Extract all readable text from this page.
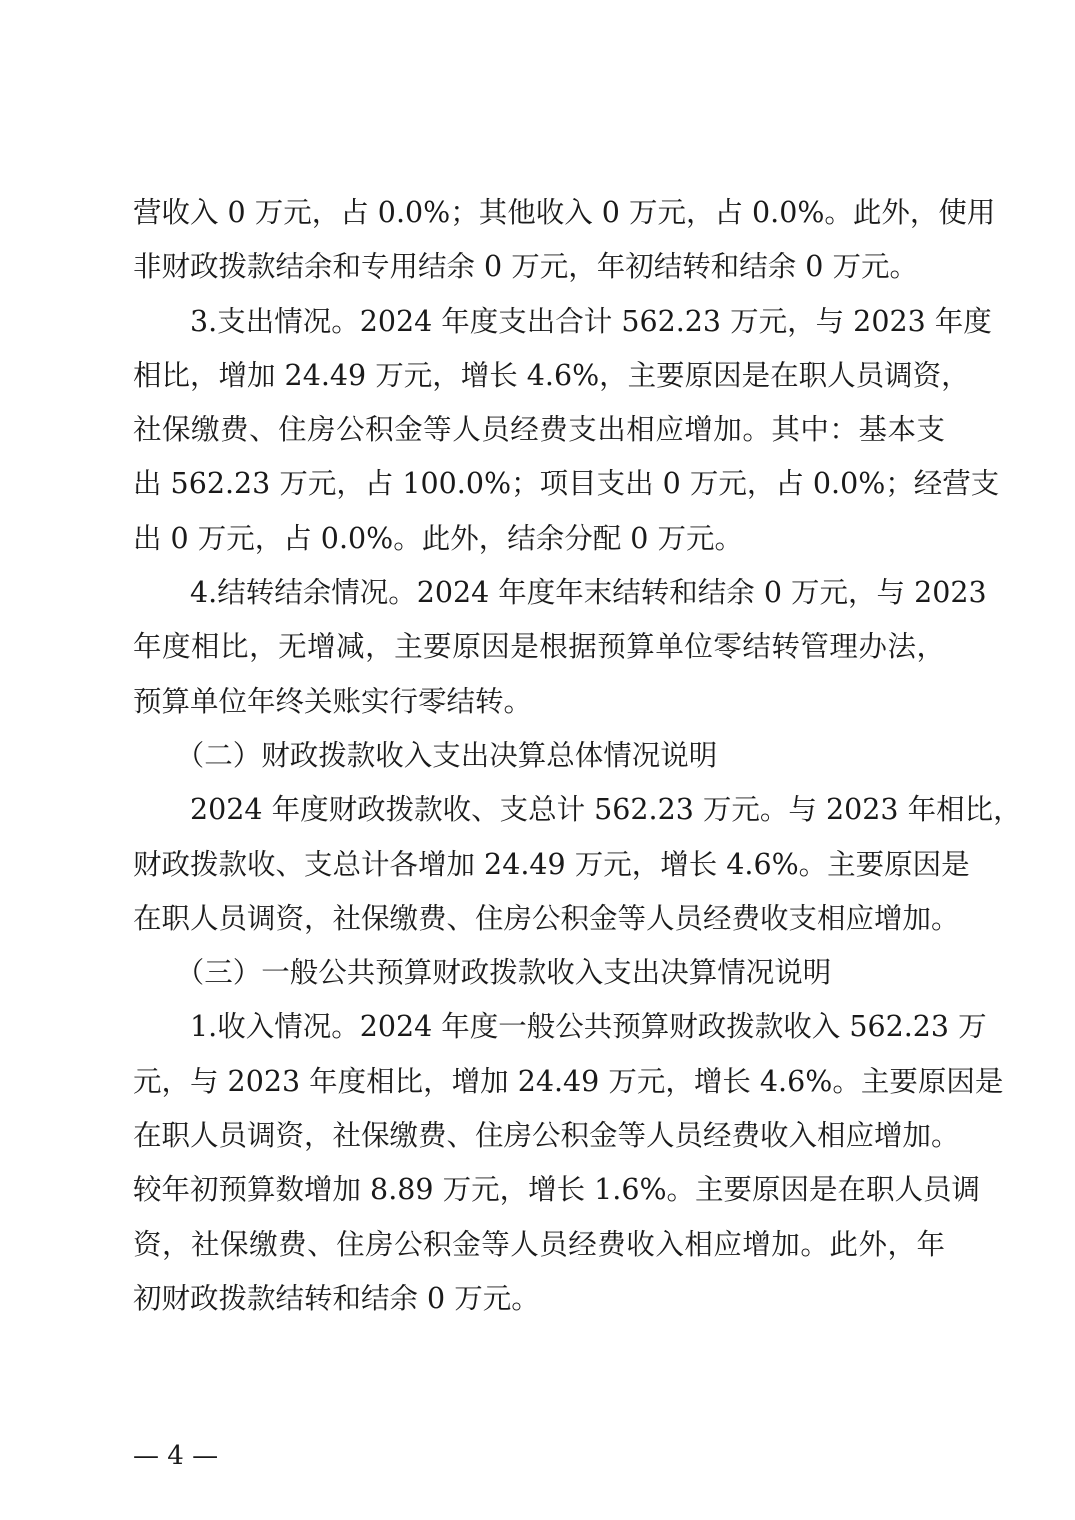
营收入 0 万元，占 0.0%；其他收入 0 万元，占 0.0%。此外，使用
非财政拨款结余和专用结余 0 万元，年初结转和结余 0 万元。
　　3.支出情况。2024 年度支出合计 562.23 万元，与 2023 年度
相比，增加 24.49 万元，增长 4.6%，主要原因是在职人员调资，
社保缴费、住房公积金等人员经费支出相应增加。其中：基本支
出 562.23 万元，占 100.0%；项目支出 0 万元，占 0.0%；经营支
出 0 万元，占 0.0%。此外，结余分配 0 万元。
　　4.结转结余情况。2024 年度年末结转和结余 0 万元，与 2023
年度相比，无增减，主要原因是根据预算单位零结转管理办法，
预算单位年终关账实行零结转。
　　（二）财政拨款收入支出决算总体情况说明
　　2024 年度财政拨款收、支总计 562.23 万元。与 2023 年相比，
财政拨款收、支总计各增加 24.49 万元，增长 4.6%。主要原因是
在职人员调资，社保缴费、住房公积金等人员经费收支相应增加。
　　（三）一般公共预算财政拨款收入支出决算情况说明
　　1.收入情况。2024 年度一般公共预算财政拨款收入 562.23 万
元，与 2023 年度相比，增加 24.49 万元，增长 4.6%。主要原因是
在职人员调资，社保缴费、住房公积金等人员经费收入相应增加。
较年初预算数增加 8.89 万元，增长 1.6%。主要原因是在职人员调
资，社保缴费、住房公积金等人员经费收入相应增加。此外，年
初财政拨款结转和结余 0 万元。
— 4 —
